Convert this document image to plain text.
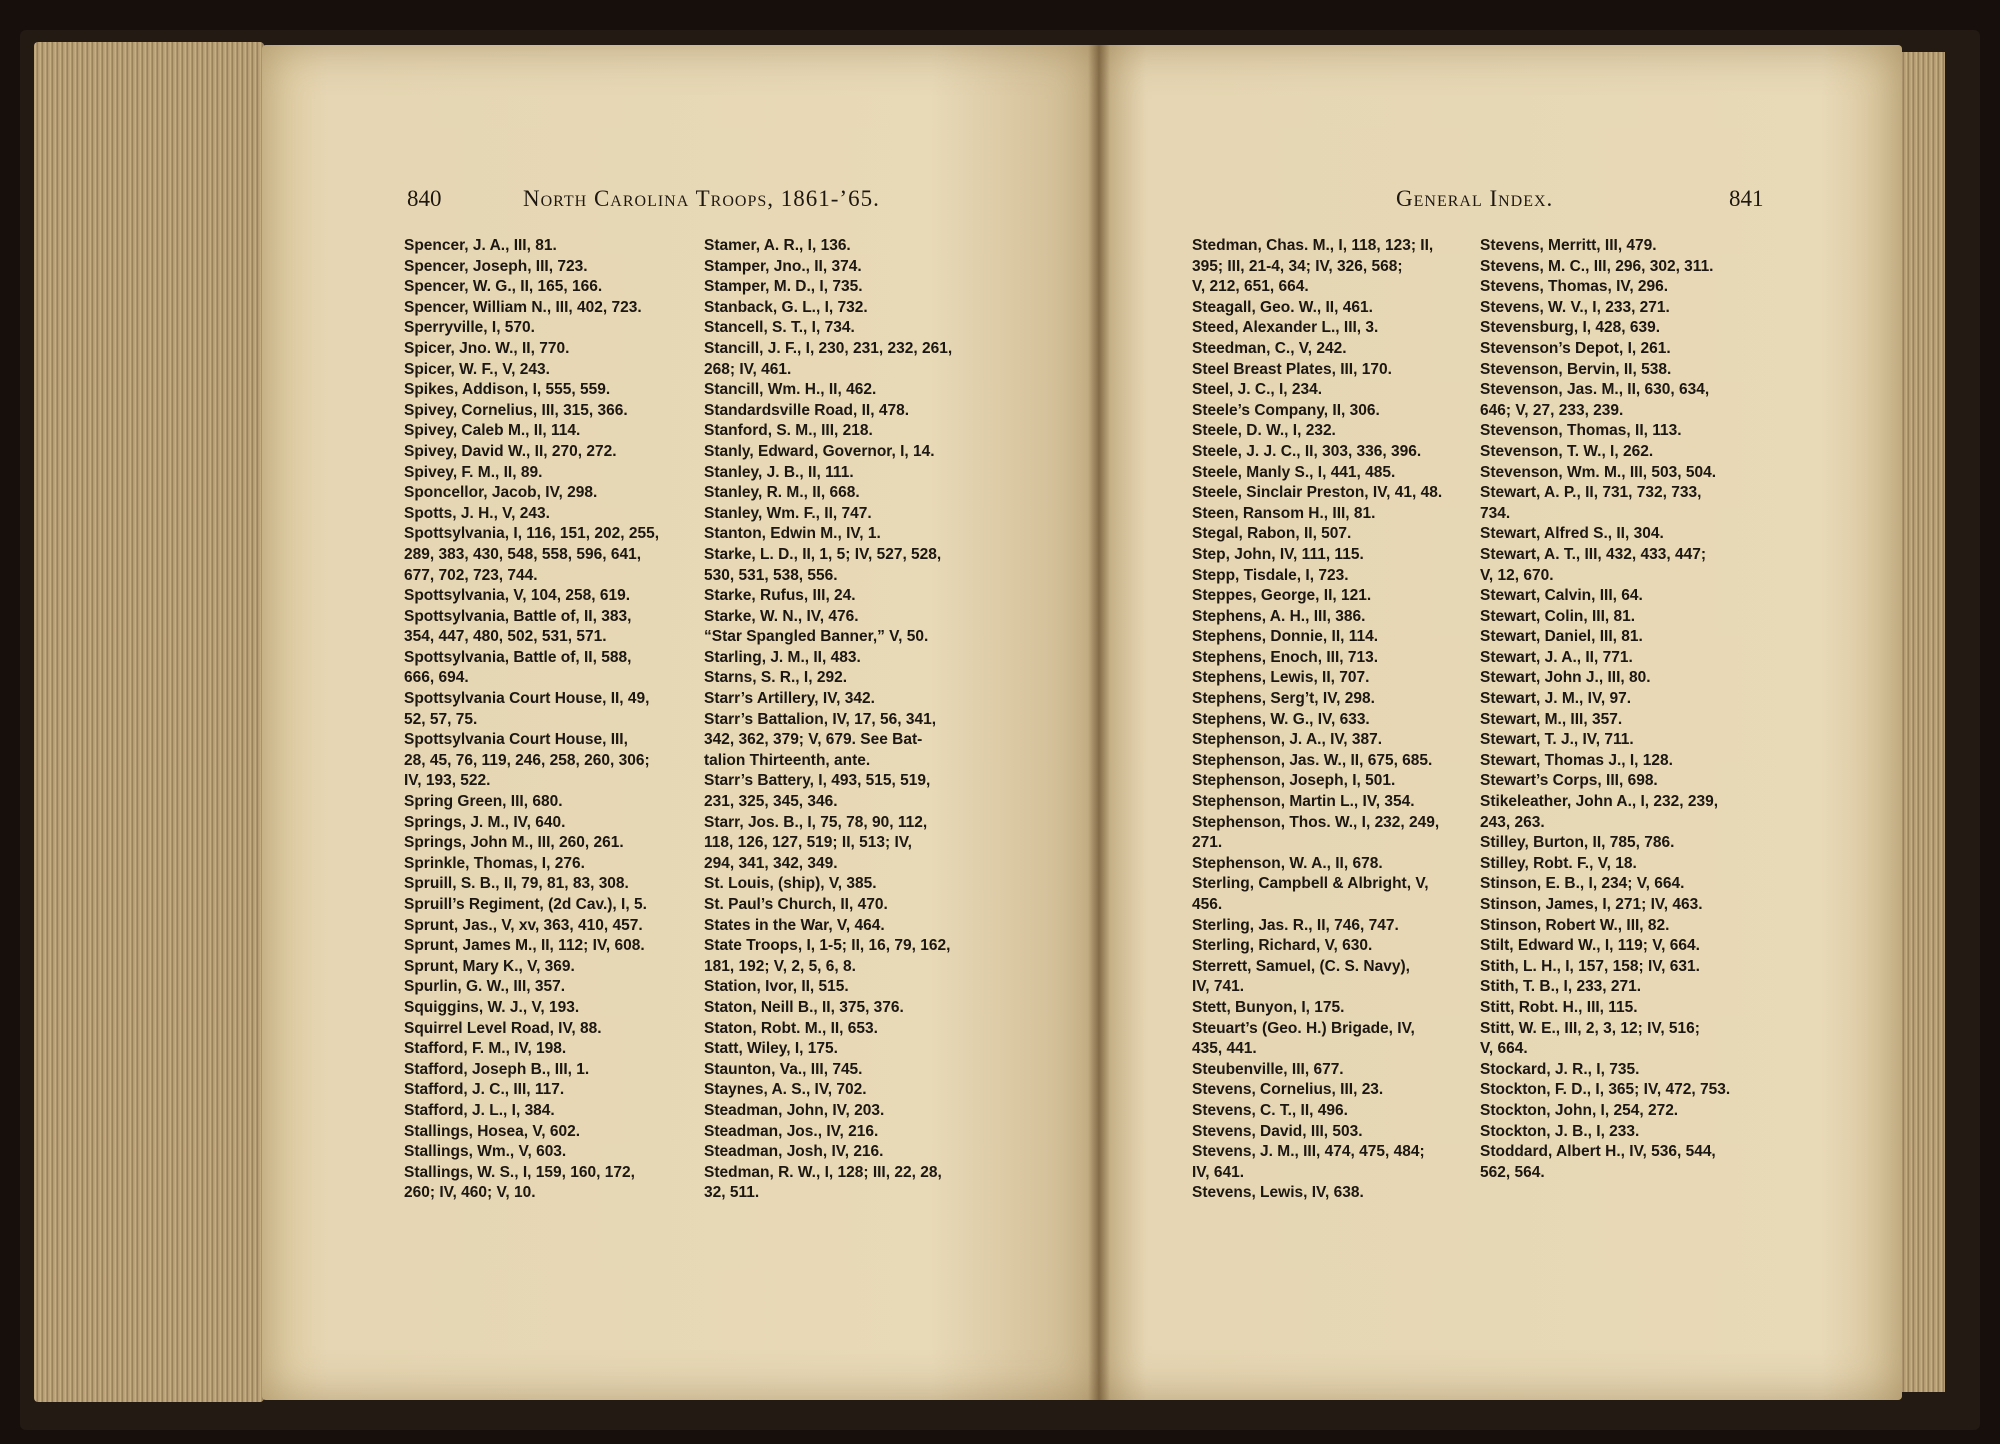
840	North Carolina Troops, 1861-’65.	General Index.	841

Spencer, J. A., III, 81.

Spencer, Joseph, III, 723.

Spencer, W. G., II, 165, 166.

Spencer, William N., III, 402, 723.

Sperryville, I, 570.

Spicer, Jno. W., II, 770.

Spicer, W. F., V, 243.

Spikes, Addison, I, 555, 559.

Spivey, Cornelius, III, 315, 366.

Spivey, Caleb M., II, 114.

Spivey, David W., II, 270, 272.

Spivey, F. M., II, 89.

Sponcellor, Jacob, IV, 298.

Spotts, J. H., V, 243.

Spottsylvania, I, 116, 151, 202, 255,

289, 383, 430, 548, 558, 596, 641,

677, 702, 723, 744.

Spottsylvania, V, 104, 258, 619.

Spottsylvania, Battle of, II, 383,

354, 447, 480, 502, 531, 571.

Spottsylvania, Battle of, II, 588,

666, 694.

Spottsylvania Court House, II, 49,

52, 57, 75.

Spottsylvania Court House, III,

28, 45, 76, 119, 246, 258, 260, 306;

IV, 193, 522.

Spring Green, III, 680.

Springs, J. M., IV, 640.

Springs, John M., III, 260, 261.

Sprinkle, Thomas, I, 276.

Spruill, S. B., II, 79, 81, 83, 308.

Spruill’s Regiment, (2d Cav.), I, 5.

Sprunt, Jas., V, xv, 363, 410, 457.

Sprunt, James M., II, 112; IV, 608.

Sprunt, Mary K., V, 369.

Spurlin, G. W., III, 357.

Squiggins, W. J., V, 193.

Squirrel Level Road, IV, 88.

Stafford, F. M., IV, 198.

Stafford, Joseph B., III, 1.

Stafford, J. C., III, 117.

Stafford, J. L., I, 384.

Stallings, Hosea, V, 602.

Stallings, Wm., V, 603.

Stallings, W. S., I, 159, 160, 172,

260; IV, 460; V, 10.

Stamer, A. R., I, 136.

Stamper, Jno., II, 374.

Stamper, M. D., I, 735.

Stanback, G. L., I, 732.

Stancell, S. T., I, 734.

Stancill, J. F., I, 230, 231, 232, 261,

268; IV, 461.

Stancill, Wm. H., II, 462.

Standardsville Road, II, 478.

Stanford, S. M., III, 218.

Stanly, Edward, Governor, I, 14.

Stanley, J. B., II, 111.

Stanley, R. M., II, 668.

Stanley, Wm. F., II, 747.

Stanton, Edwin M., IV, 1.

Starke, L. D., II, 1, 5; IV, 527, 528,

530, 531, 538, 556.

Starke, Rufus, III, 24.

Starke, W. N., IV, 476.

“Star Spangled Banner,” V, 50.

Starling, J. M., II, 483.

Starns, S. R., I, 292.

Starr’s Artillery, IV, 342.

Starr’s Battalion, IV, 17, 56, 341,

342, 362, 379; V, 679. See Bat-

talion Thirteenth, ante.

Starr’s Battery, I, 493, 515, 519,

231, 325, 345, 346.

Starr, Jos. B., I, 75, 78, 90, 112,

118, 126, 127, 519; II, 513; IV,

294, 341, 342, 349.

St. Louis, (ship), V, 385.

St. Paul’s Church, II, 470.

States in the War, V, 464.

State Troops, I, 1-5; II, 16, 79, 162,

181, 192; V, 2, 5, 6, 8.

Station, Ivor, II, 515.

Staton, Neill B., II, 375, 376.

Staton, Robt. M., II, 653.

Statt, Wiley, I, 175.

Staunton, Va., III, 745.

Staynes, A. S., IV, 702.

Steadman, John, IV, 203.

Steadman, Jos., IV, 216.

Steadman, Josh, IV, 216.

Stedman, R. W., I, 128; III, 22, 28,

32, 511.

Stedman, Chas. M., I, 118, 123; II,

395; III, 21-4, 34; IV, 326, 568;

V, 212, 651, 664.

Steagall, Geo. W., II, 461.

Steed, Alexander L., III, 3.

Steedman, C., V, 242.

Steel Breast Plates, III, 170.

Steel, J. C., I, 234.

Steele’s Company, II, 306.

Steele, D. W., I, 232.

Steele, J. J. C., II, 303, 336, 396.

Steele, Manly S., I, 441, 485.

Steele, Sinclair Preston, IV, 41, 48.

Steen, Ransom H., III, 81.

Stegal, Rabon, II, 507.

Step, John, IV, 111, 115.

Stepp, Tisdale, I, 723.

Steppes, George, II, 121.

Stephens, A. H., III, 386.

Stephens, Donnie, II, 114.

Stephens, Enoch, III, 713.

Stephens, Lewis, II, 707.

Stephens, Serg’t, IV, 298.

Stephens, W. G., IV, 633.

Stephenson, J. A., IV, 387.

Stephenson, Jas. W., II, 675, 685.

Stephenson, Joseph, I, 501.

Stephenson, Martin L., IV, 354.

Stephenson, Thos. W., I, 232, 249,

271.

Stephenson, W. A., II, 678.

Sterling, Campbell & Albright, V,

456.

Sterling, Jas. R., II, 746, 747.

Sterling, Richard, V, 630.

Sterrett, Samuel, (C. S. Navy),

IV, 741.

Stett, Bunyon, I, 175.

Steuart’s (Geo. H.) Brigade, IV,

435, 441.

Steubenville, III, 677.

Stevens, Cornelius, III, 23.

Stevens, C. T., II, 496.

Stevens, David, III, 503.

Stevens, J. M., III, 474, 475, 484;

IV, 641.

Stevens, Lewis, IV, 638.

Stevens, Merritt, III, 479.

Stevens, M. C., III, 296, 302, 311.

Stevens, Thomas, IV, 296.

Stevens, W. V., I, 233, 271.

Stevensburg, I, 428, 639.

Stevenson’s Depot, I, 261.

Stevenson, Bervin, II, 538.

Stevenson, Jas. M., II, 630, 634,

646; V, 27, 233, 239.

Stevenson, Thomas, II, 113.

Stevenson, T. W., I, 262.

Stevenson, Wm. M., III, 503, 504.

Stewart, A. P., II, 731, 732, 733,

734.

Stewart, Alfred S., II, 304.

Stewart, A. T., III, 432, 433, 447;

V, 12, 670.

Stewart, Calvin, III, 64.

Stewart, Colin, III, 81.

Stewart, Daniel, III, 81.

Stewart, J. A., II, 771.

Stewart, John J., III, 80.

Stewart, J. M., IV, 97.

Stewart, M., III, 357.

Stewart, T. J., IV, 711.

Stewart, Thomas J., I, 128.

Stewart’s Corps, III, 698.

Stikeleather, John A., I, 232, 239,

243, 263.

Stilley, Burton, II, 785, 786.

Stilley, Robt. F., V, 18.

Stinson, E. B., I, 234; V, 664.

Stinson, James, I, 271; IV, 463.

Stinson, Robert W., III, 82.

Stilt, Edward W., I, 119; V, 664.

Stith, L. H., I, 157, 158; IV, 631.

Stith, T. B., I, 233, 271.

Stitt, Robt. H., III, 115.

Stitt, W. E., III, 2, 3, 12; IV, 516;

V, 664.

Stockard, J. R., I, 735.

Stockton, F. D., I, 365; IV, 472, 753.

Stockton, John, I, 254, 272.

Stockton, J. B., I, 233.

Stoddard, Albert H., IV, 536, 544,

562, 564.
